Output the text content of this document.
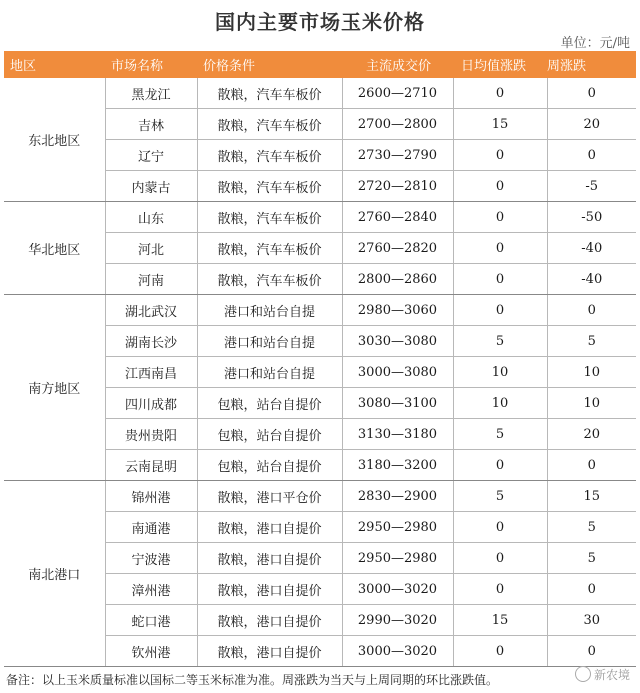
国内主要市场玉米价格
单位：元/吨
地区	市场名称	价格条件	主流成交价	日均值涨跌	周涨跌
东北地区	黑龙江	散粮，汽车车板价	2600—2710	0	0
	吉林	散粮，汽车车板价	2700—2800	15	20
	辽宁	散粮，汽车车板价	2730—2790	0	0
	内蒙古	散粮，汽车车板价	2720—2810	0	-5
华北地区	山东	散粮，汽车车板价	2760—2840	0	-50
	河北	散粮，汽车车板价	2760—2820	0	-40
	河南	散粮，汽车车板价	2800—2860	0	-40
南方地区	湖北武汉	港口和站台自提	2980—3060	0	0
	湖南长沙	港口和站台自提	3030—3080	5	5
	江西南昌	港口和站台自提	3000—3080	10	10
	四川成都	包粮，站台自提价	3080—3100	10	10
	贵州贵阳	包粮，站台自提价	3130—3180	5	20
	云南昆明	包粮，站台自提价	3180—3200	0	0
南北港口	锦州港	散粮，港口平仓价	2830—2900	5	15
	南通港	散粮，港口自提价	2950—2980	0	5
	宁波港	散粮，港口自提价	2950—2980	0	5
	漳州港	散粮，港口自提价	3000—3020	0	0
	蛇口港	散粮，港口自提价	2990—3020	15	30
	钦州港	散粮，港口自提价	3000—3020	0	0
备注：以上玉米质量标准以国标二等玉米标准为准。周涨跌为当天与上周同期的环比涨跌值。	新农境
